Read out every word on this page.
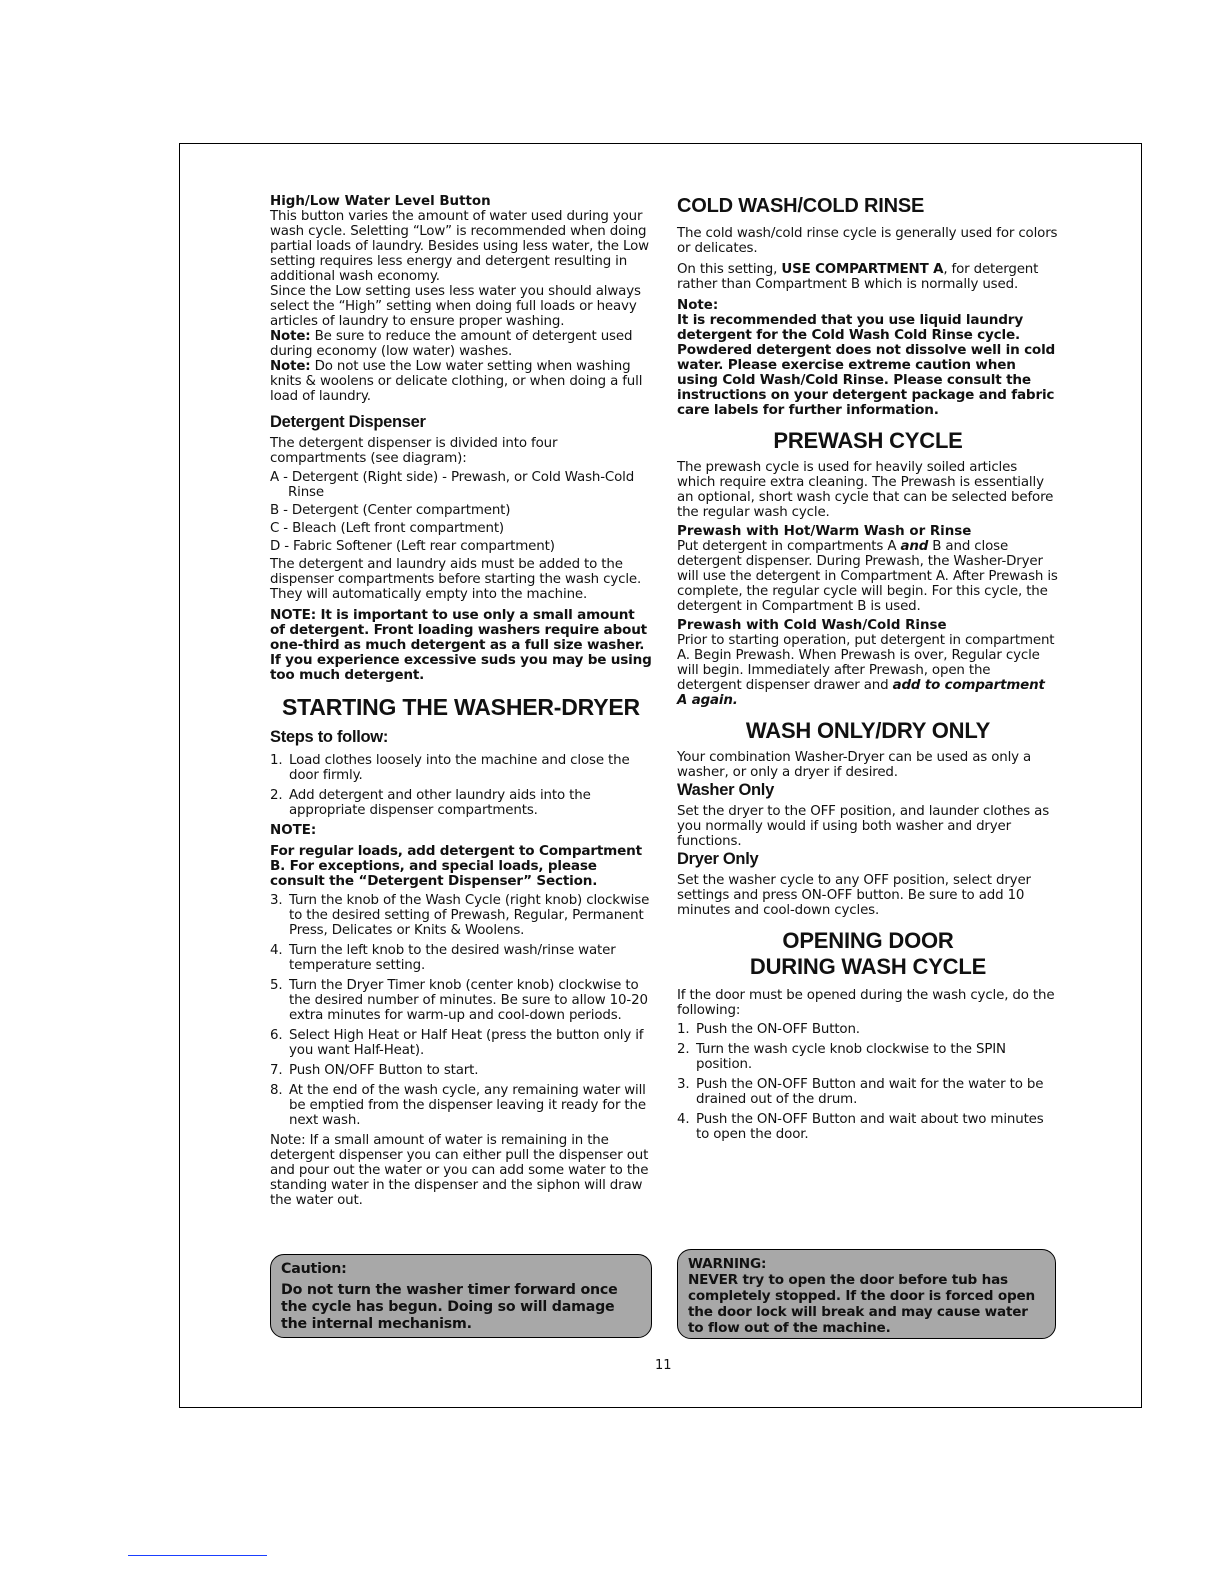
High/Low Water Level Button

This button varies the amount of water used during your wash cycle. Seletting “Low” is recommended when doing partial loads of laundry. Besides using less water, the Low setting requires less energy and detergent resulting in additional wash economy.

Since the Low setting uses less water you should always select the “High” setting when doing full loads or heavy articles of laundry to ensure proper washing.

Note: Be sure to reduce the amount of detergent used during economy (low water) washes.

Note: Do not use the Low water setting when washing knits & woolens or delicate clothing, or when doing a full load of laundry.

Detergent Dispenser

The detergent dispenser is divided into four compartments (see diagram):

A - Detergent (Right side) - Prewash, or Cold Wash-Cold Rinse
B - Detergent (Center compartment)
C - Bleach (Left front compartment)
D - Fabric Softener (Left rear compartment)

The detergent and laundry aids must be added to the dispenser compartments before starting the wash cycle. They will automatically empty into the machine.

NOTE: It is important to use only a small amount of detergent. Front loading washers require about one-third as much detergent as a full size washer. If you experience excessive suds you may be using too much detergent.

STARTING THE WASHER-DRYER

Steps to follow:

1. Load clothes loosely into the machine and close the door firmly.
2. Add detergent and other laundry aids into the appropriate dispenser compartments.

NOTE:

For regular loads, add detergent to Compartment B. For exceptions, and special loads, please consult the “Detergent Dispenser” Section.

3. Turn the knob of the Wash Cycle (right knob) clockwise to the desired setting of Prewash, Regular, Permanent Press, Delicates or Knits & Woolens.
4. Turn the left knob to the desired wash/rinse water temperature setting.
5. Turn the Dryer Timer knob (center knob) clockwise to the desired number of minutes. Be sure to allow 10-20 extra minutes for warm-up and cool-down periods.
6. Select High Heat or Half Heat (press the button only if you want Half-Heat).
7. Push ON/OFF Button to start.
8. At the end of the wash cycle, any remaining water will be emptied from the dispenser leaving it ready for the next wash.

Note: If a small amount of water is remaining in the detergent dispenser you can either pull the dispenser out and pour out the water or you can add some water to the standing water in the dispenser and the siphon will draw the water out.

Caution:

Do not turn the washer timer forward once the cycle has begun. Doing so will damage the internal mechanism.

COLD WASH/COLD RINSE

The cold wash/cold rinse cycle is generally used for colors or delicates.

On this setting, USE COMPARTMENT A, for detergent rather than Compartment B which is normally used.

Note:

It is recommended that you use liquid laundry detergent for the Cold Wash Cold Rinse cycle. Powdered detergent does not dissolve well in cold water. Please exercise extreme caution when using Cold Wash/Cold Rinse. Please consult the instructions on your detergent package and fabric care labels for further information.

PREWASH CYCLE

The prewash cycle is used for heavily soiled articles which require extra cleaning. The Prewash is essentially an optional, short wash cycle that can be selected before the regular wash cycle.

Prewash with Hot/Warm Wash or Rinse

Put detergent in compartments A and B and close detergent dispenser. During Prewash, the Washer-Dryer will use the detergent in Compartment A. After Prewash is complete, the regular cycle will begin. For this cycle, the detergent in Compartment B is used.

Prewash with Cold Wash/Cold Rinse

Prior to starting operation, put detergent in compartment A. Begin Prewash. When Prewash is over, Regular cycle will begin. Immediately after Prewash, open the detergent dispenser drawer and add to compartment A again.

WASH ONLY/DRY ONLY

Your combination Washer-Dryer can be used as only a washer, or only a dryer if desired.

Washer Only

Set the dryer to the OFF position, and launder clothes as you normally would if using both washer and dryer functions.

Dryer Only

Set the washer cycle to any OFF position, select dryer settings and press ON-OFF button. Be sure to add 10 minutes and cool-down cycles.

OPENING DOOR

DURING WASH CYCLE

If the door must be opened during the wash cycle, do the following:

1. Push the ON-OFF Button.
2. Turn the wash cycle knob clockwise to the SPIN position.
3. Push the ON-OFF Button and wait for the water to be drained out of the drum.
4. Push the ON-OFF Button and wait about two minutes to open the door.

WARNING:

NEVER try to open the door before tub has completely stopped. If the door is forced open the door lock will break and may cause water to flow out of the machine.

11
